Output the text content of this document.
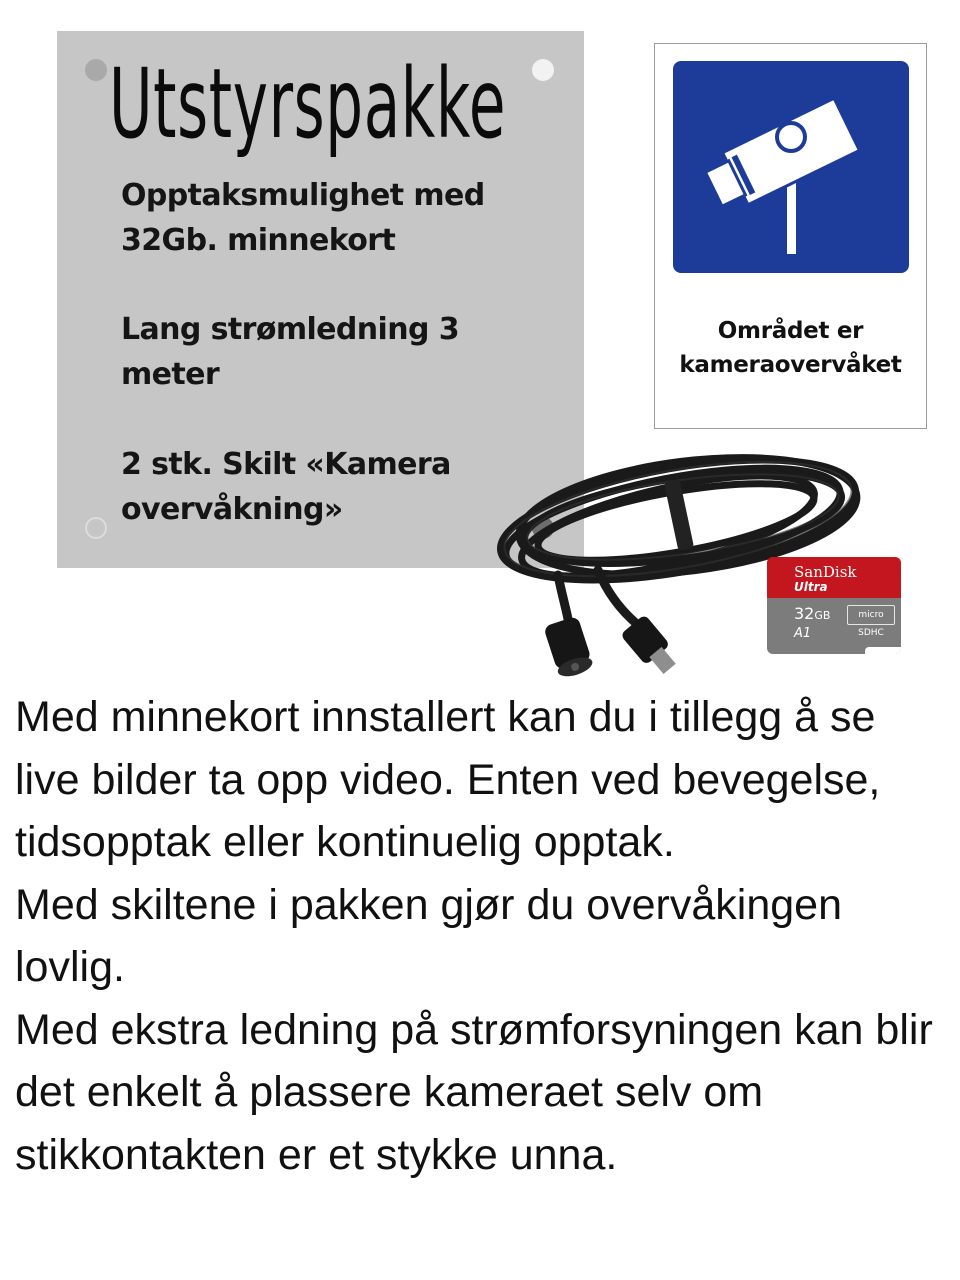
Utstyrspakke
Opptaksmulighet med 32Gb. minnekort
Lang strømledning 3 meter
2 stk. Skilt «Kamera overvåkning»
Området er
kameraovervåket
SanDisk
Ultra
32GB	micro SDHC
A1

Med minnekort innstallert kan du i tillegg å se live bilder ta opp video. Enten ved bevegelse, tidsopptak eller kontinuelig opptak.

Med skiltene i pakken gjør du overvåkingen lovlig.

Med ekstra ledning på strømforsyningen kan blir det enkelt å plassere kameraet selv om stikkontakten er et stykke unna.
